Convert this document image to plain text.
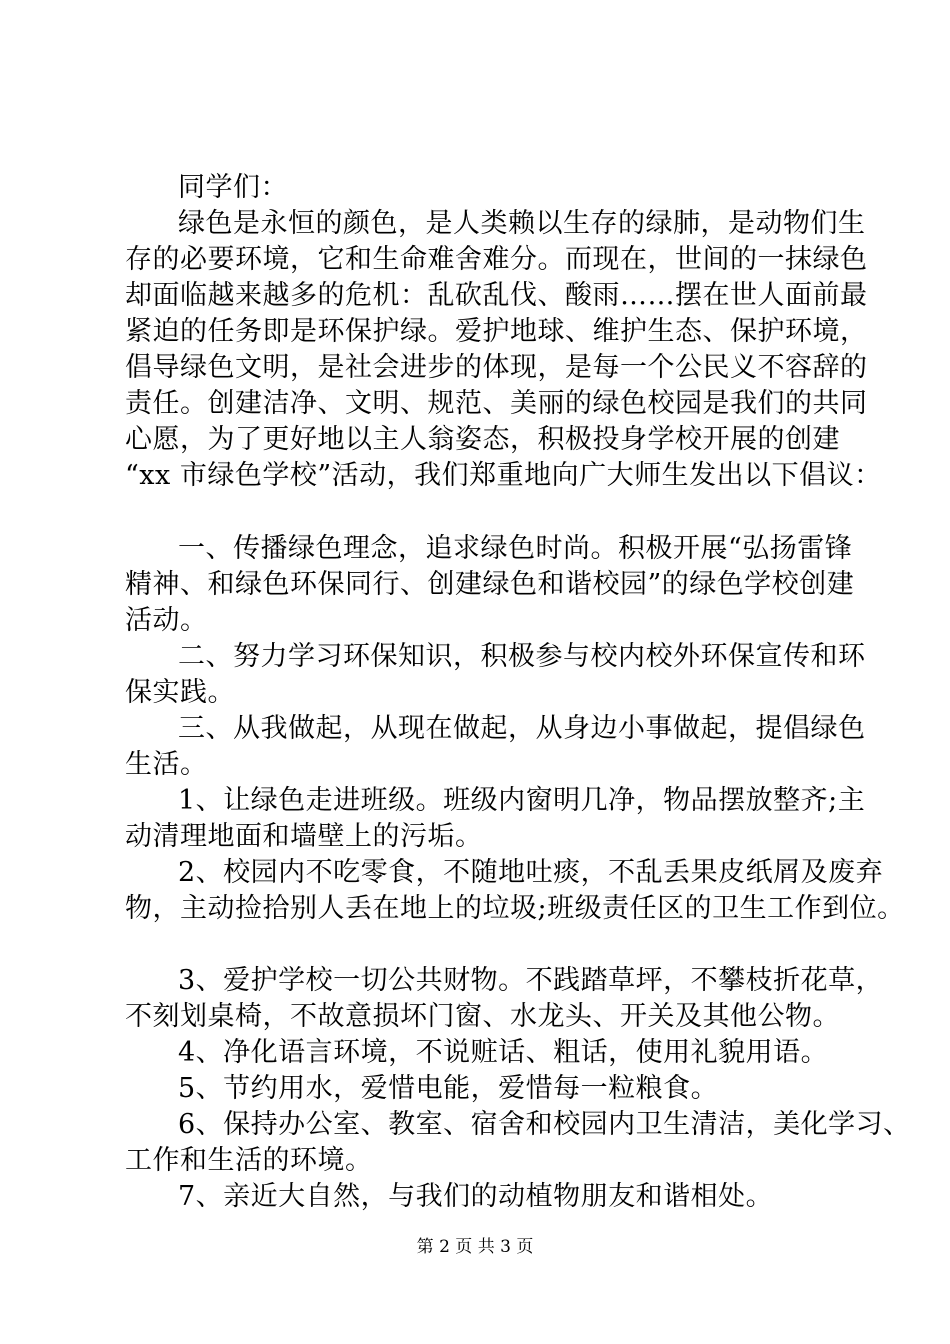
同学们：
绿色是永恒的颜色，是人类赖以生存的绿肺，是动物们生
存的必要环境，它和生命难舍难分。而现在，世间的一抹绿色
却面临越来越多的危机：乱砍乱伐、酸雨……摆在世人面前最
紧迫的任务即是环保护绿。爱护地球、维护生态、保护环境，
倡导绿色文明，是社会进步的体现，是每一个公民义不容辞的
责任。创建洁净、文明、规范、美丽的绿色校园是我们的共同
心愿，为了更好地以主人翁姿态，积极投身学校开展的创建
“xx 市绿色学校”活动，我们郑重地向广大师生发出以下倡议：
一、传播绿色理念，追求绿色时尚。积极开展“弘扬雷锋
精神、和绿色环保同行、创建绿色和谐校园”的绿色学校创建
活动。
二、努力学习环保知识，积极参与校内校外环保宣传和环
保实践。
三、从我做起，从现在做起，从身边小事做起，提倡绿色
生活。
1、让绿色走进班级。班级内窗明几净，物品摆放整齐;主
动清理地面和墙壁上的污垢。
2、校园内不吃零食，不随地吐痰，不乱丢果皮纸屑及废弃
物，主动捡拾别人丢在地上的垃圾;班级责任区的卫生工作到位。
3、爱护学校一切公共财物。不践踏草坪，不攀枝折花草，
不刻划桌椅，不故意损坏门窗、水龙头、开关及其他公物。
4、净化语言环境，不说赃话、粗话，使用礼貌用语。
5、节约用水，爱惜电能，爱惜每一粒粮食。
6、保持办公室、教室、宿舍和校园内卫生清洁，美化学习、
工作和生活的环境。
7、亲近大自然，与我们的动植物朋友和谐相处。
第 2 页 共 3 页
